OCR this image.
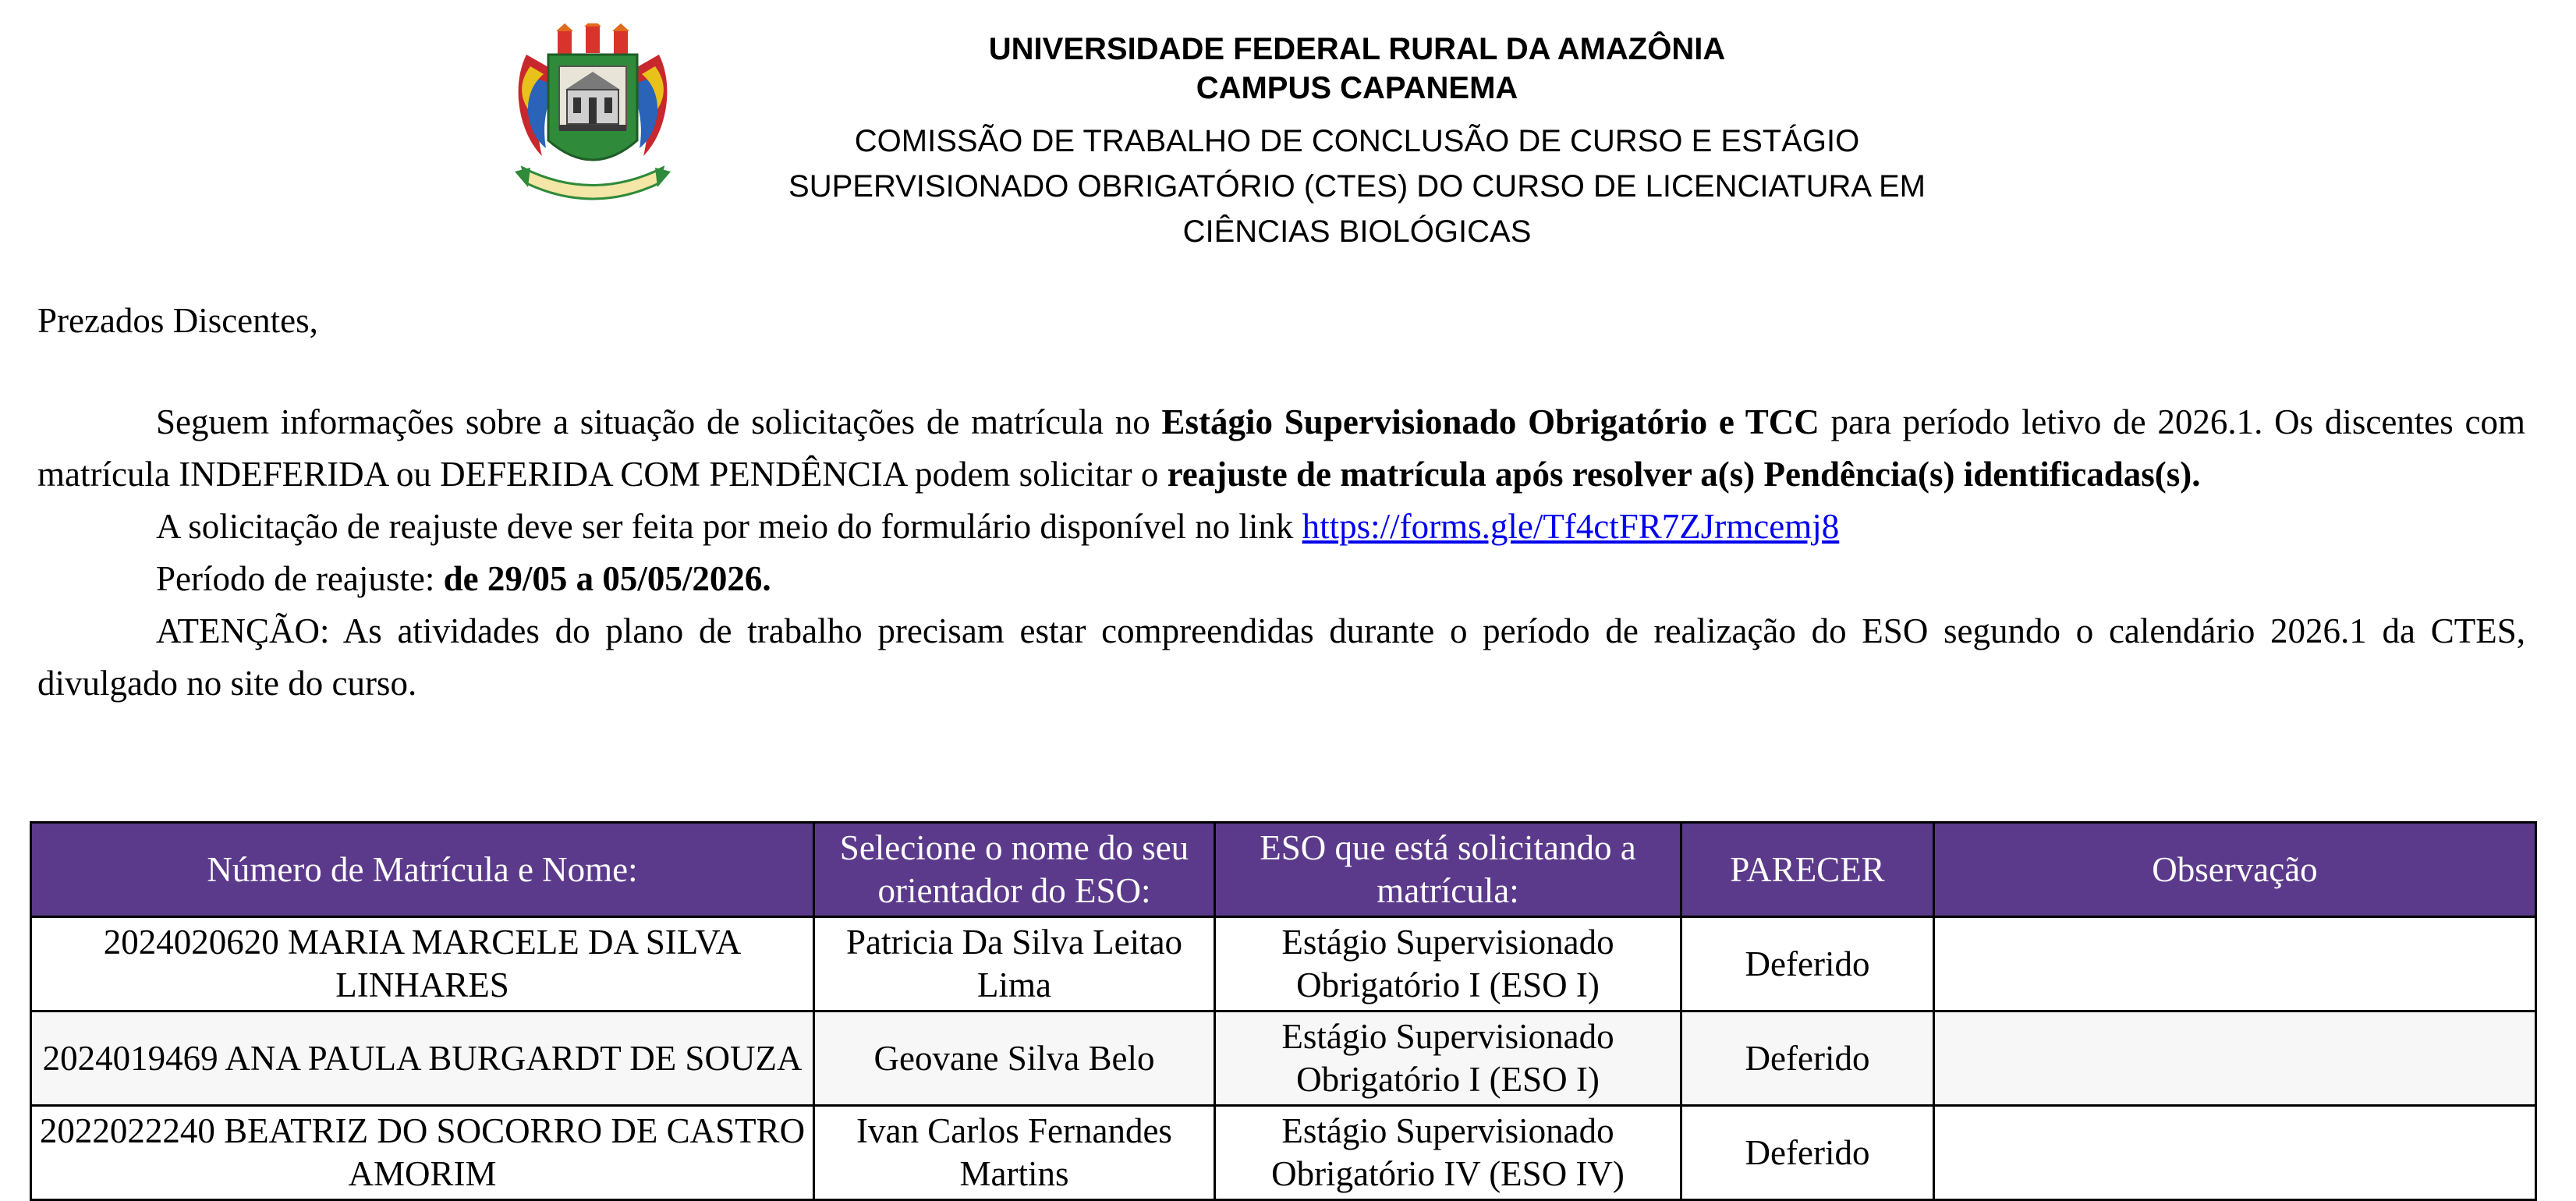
UNIVERSIDADE FEDERAL RURAL DA AMAZÔNIA
CAMPUS CAPANEMA
COMISSÃO DE TRABALHO DE CONCLUSÃO DE CURSO E ESTÁGIO
SUPERVISIONADO OBRIGATÓRIO (CTES) DO CURSO DE LICENCIATURA EM
CIÊNCIAS BIOLÓGICAS

Prezados Discentes,

Seguem informações sobre a situação de solicitações de matrícula no Estágio Supervisionado Obrigatório e TCC para período letivo de 2026.1. Os discentes com matrícula INDEFERIDA ou DEFERIDA COM PENDÊNCIA podem solicitar o reajuste de matrícula após resolver a(s) Pendência(s) identificadas(s).

A solicitação de reajuste deve ser feita por meio do formulário disponível no link https://forms.gle/Tf4ctFR7ZJrmcemj8

Período de reajuste: de 29/05 a 05/05/2026.

ATENÇÃO: As atividades do plano de trabalho precisam estar compreendidas durante o período de realização do ESO segundo o calendário 2026.1 da CTES, divulgado no site do curso.

Número de Matrícula e Nome:	Selecione o nome do seu orientador do ESO:	ESO que está solicitando a matrícula:	PARECER	Observação
2024020620 MARIA MARCELE DA SILVA LINHARES	Patricia Da Silva Leitao Lima	Estágio Supervisionado Obrigatório I (ESO I)	Deferido	
2024019469 ANA PAULA BURGARDT DE SOUZA	Geovane Silva Belo	Estágio Supervisionado Obrigatório I (ESO I)	Deferido	
2022022240 BEATRIZ DO SOCORRO DE CASTRO AMORIM	Ivan Carlos Fernandes Martins	Estágio Supervisionado Obrigatório IV (ESO IV)	Deferido	
